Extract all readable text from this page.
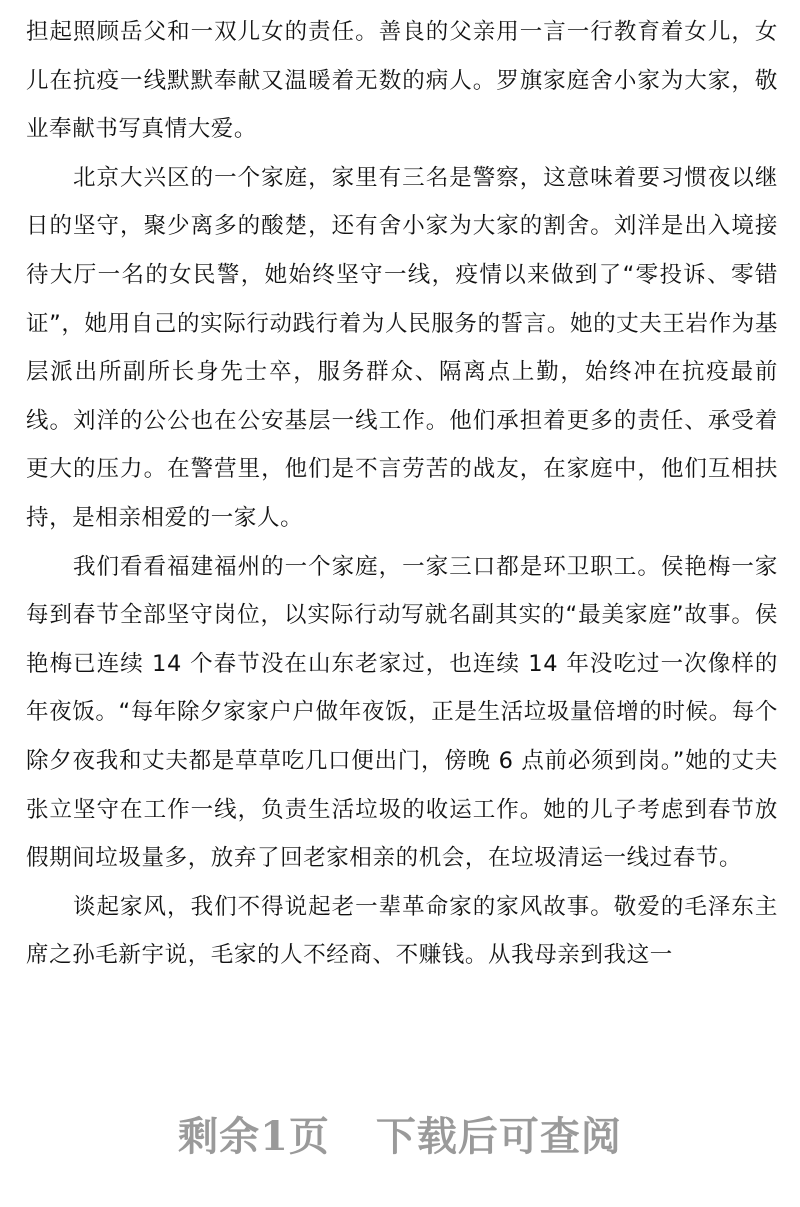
担起照顾岳父和一双儿女的责任。善良的父亲用一言一行教育着女儿，女儿在抗疫一线默默奉献又温暖着无数的病人。罗旗家庭舍小家为大家，敬业奉献书写真情大爱。

北京大兴区的一个家庭，家里有三名是警察，这意味着要习惯夜以继日的坚守，聚少离多的酸楚，还有舍小家为大家的割舍。刘洋是出入境接待大厅一名的女民警，她始终坚守一线，疫情以来做到了“零投诉、零错证”，她用自己的实际行动践行着为人民服务的誓言。她的丈夫王岩作为基层派出所副所长身先士卒，服务群众、隔离点上勤，始终冲在抗疫最前线。刘洋的公公也在公安基层一线工作。他们承担着更多的责任、承受着更大的压力。在警营里，他们是不言劳苦的战友，在家庭中，他们互相扶持，是相亲相爱的一家人。

我们看看福建福州的一个家庭，一家三口都是环卫职工。侯艳梅一家每到春节全部坚守岗位，以实际行动写就名副其实的“最美家庭”故事。侯艳梅已连续 14 个春节没在山东老家过，也连续 14 年没吃过一次像样的年夜饭。“每年除夕家家户户做年夜饭，正是生活垃圾量倍增的时候。每个除夕夜我和丈夫都是草草吃几口便出门，傍晚 6 点前必须到岗。”她的丈夫张立坚守在工作一线，负责生活垃圾的收运工作。她的儿子考虑到春节放假期间垃圾量多，放弃了回老家相亲的机会，在垃圾清运一线过春节。

谈起家风，我们不得说起老一辈革命家的家风故事。敬爱的毛泽东主席之孙毛新宇说，毛家的人不经商、不赚钱。从我母亲到我这一

剩余1页 下载后可查阅
